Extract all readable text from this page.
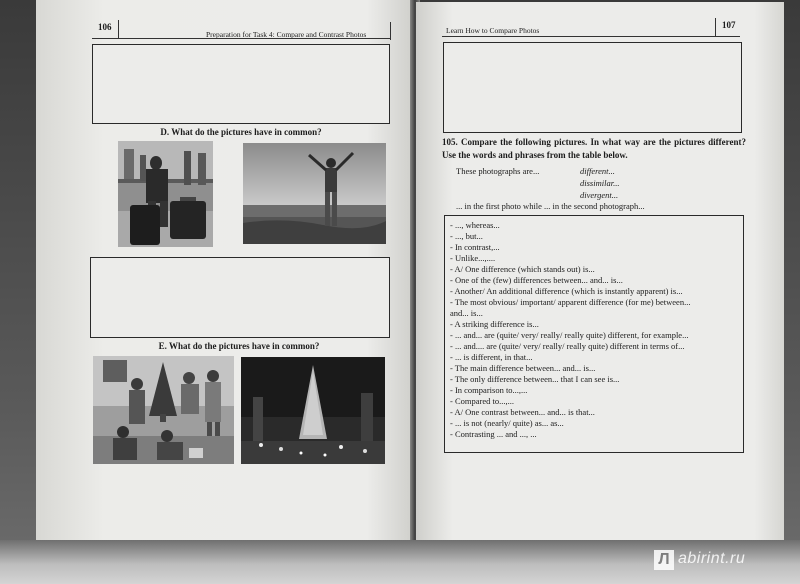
106
Preparation for Task 4: Compare and Contrast Photos
D. What do the pictures have in common?
E. What do the pictures have in common?
Learn How to Compare Photos
107
105. Compare the following pictures. In what way are the pictures different? Use the words and phrases from the table below.
These photographs are...	different...
dissimilar...
divergent...
... in the first photo while ... in the second photograph...
- ..., whereas...
- ..., but...
- In contrast,...
- Unlike...,....
- A/ One difference (which stands out) is...
- One of the (few) differences between... and... is...
- Another/ An additional difference (which is instantly apparent) is...
- The most obvious/ important/ apparent difference (for me) between...
and... is...
- A striking difference is...
- ... and... are (quite/ very/ really/ really quite) different, for example...
- ... and.... are (quite/ very/ really/ really quite) different in terms of...
- ... is different, in that...
- The main difference between... and... is...
- The only difference between... that I can see is...
- In comparison to...,...
- Compared to...,...
- A/ One contrast between... and... is that...
- ... is not (nearly/ quite) as... as...
- Contrasting ... and ..., ...
Л abirint.ru
